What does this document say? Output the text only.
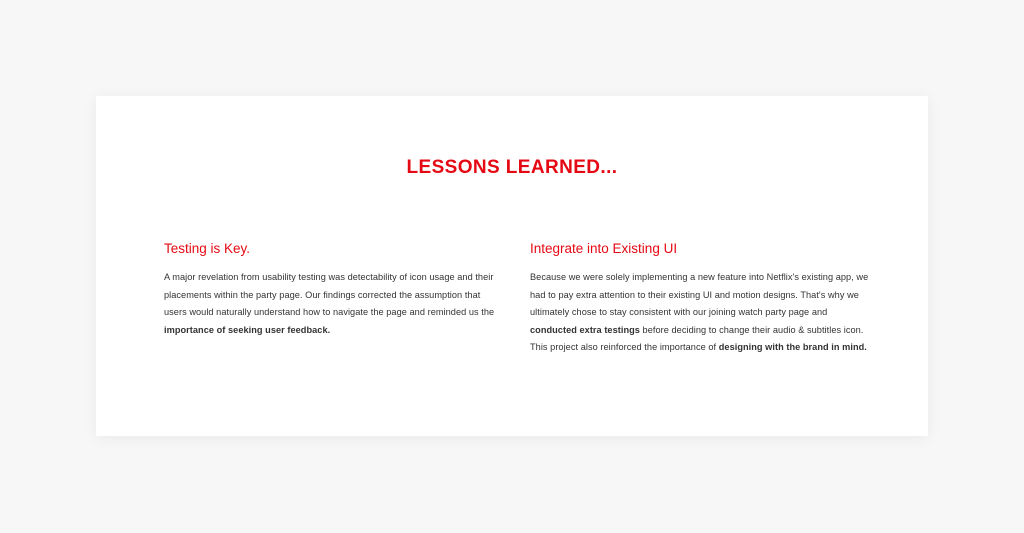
LESSONS LEARNED...
Testing is Key.

A major revelation from usability testing was detectability of icon usage and their placements within the party page. Our findings corrected the assumption that users would naturally understand how to navigate the page and reminded us the importance of seeking user feedback.

Integrate into Existing UI

Because we were solely implementing a new feature into Netflix's existing app, we had to pay extra attention to their existing UI and motion designs. That's why we ultimately chose to stay consistent with our joining watch party page and conducted extra testings before deciding to change their audio & subtitles icon. This project also reinforced the importance of designing with the brand in mind.
